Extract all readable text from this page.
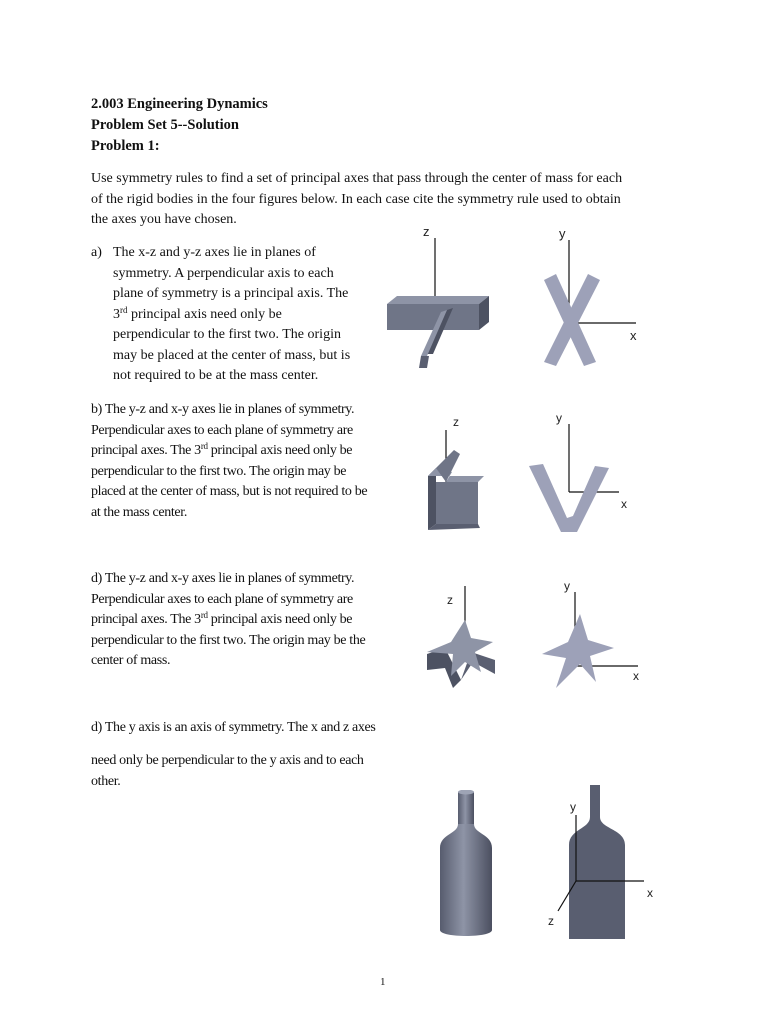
2.003 Engineering Dynamics
Problem Set 5--Solution
Problem 1:
Use symmetry rules to find a set of principal axes that pass through the center of mass for each
of the rigid bodies in the four figures below. In each case cite the symmetry rule used to obtain
the axes you have chosen.
a) The x-z and y-z axes lie in planes of
symmetry. A perpendicular axis to each
plane of symmetry is a principal axis. The
3rd principal axis need only be
perpendicular to the first two. The origin
may be placed at the center of mass, but is
not required to be at the mass center.
b) The y-z and x-y axes lie in planes of symmetry.
Perpendicular axes to each plane of symmetry are
principal axes. The 3rd principal axis need only be
perpendicular to the first two. The origin may be
placed at the center of mass, but is not required to be
at the mass center.
d) The y-z and x-y axes lie in planes of symmetry.
Perpendicular axes to each plane of symmetry are
principal axes. The 3rd principal axis need only be
perpendicular to the first two. The origin may be the
center of mass.
d) The y axis is an axis of symmetry. The x and z axes
need only be perpendicular to the y axis and to each
other.
z	y
x
z	y
x
z
y
x
y
x
z
1
